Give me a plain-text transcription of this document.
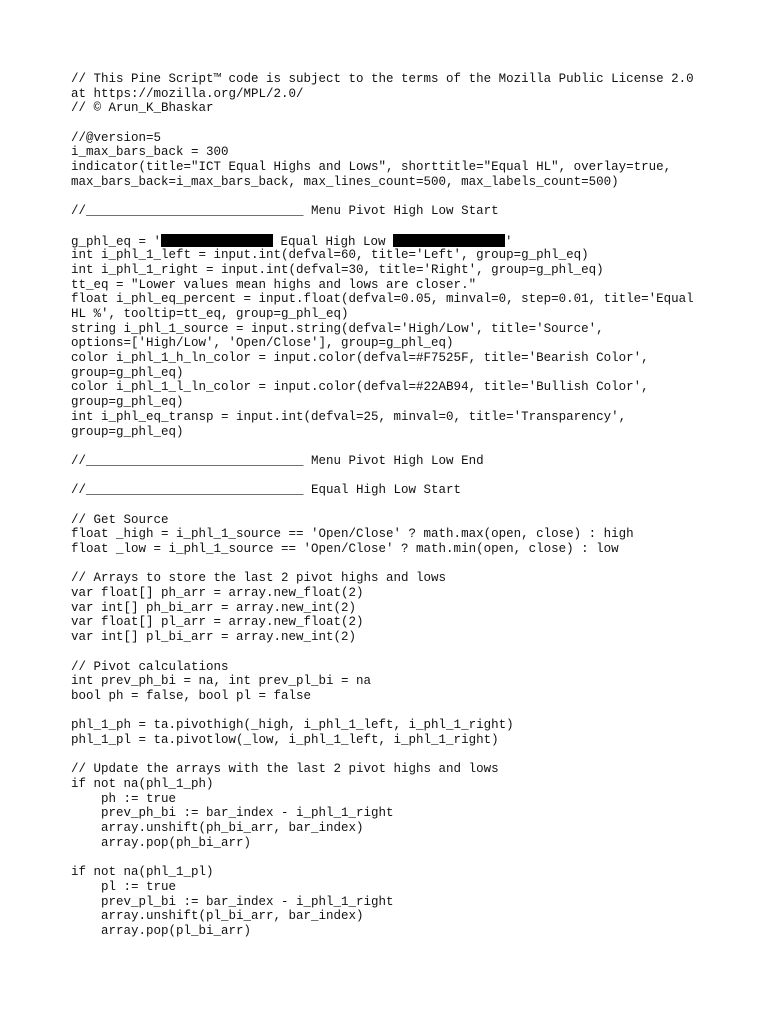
// This Pine Script™ code is subject to the terms of the Mozilla Public License 2.0
at https://mozilla.org/MPL/2.0/
// © Arun_K_Bhaskar
//@version=5
i_max_bars_back = 300
indicator(title="ICT Equal Highs and Lows", shorttitle="Equal HL", overlay=true,
max_bars_back=i_max_bars_back, max_lines_count=500, max_labels_count=500)
//_____________________________ Menu Pivot High Low Start
g_phl_eq = '	Equal High Low	'
int i_phl_1_left = input.int(defval=60, title='Left', group=g_phl_eq)
int i_phl_1_right = input.int(defval=30, title='Right', group=g_phl_eq)
tt_eq = "Lower values mean highs and lows are closer."
float i_phl_eq_percent = input.float(defval=0.05, minval=0, step=0.01, title='Equal
HL %', tooltip=tt_eq, group=g_phl_eq)
string i_phl_1_source = input.string(defval='High/Low', title='Source',
options=['High/Low', 'Open/Close'], group=g_phl_eq)
color i_phl_1_h_ln_color = input.color(defval=#F7525F, title='Bearish Color',
group=g_phl_eq)
color i_phl_1_l_ln_color = input.color(defval=#22AB94, title='Bullish Color',
group=g_phl_eq)
int i_phl_eq_transp = input.int(defval=25, minval=0, title='Transparency',
group=g_phl_eq)
//_____________________________ Menu Pivot High Low End
//_____________________________ Equal High Low Start
// Get Source
float _high = i_phl_1_source == 'Open/Close' ? math.max(open, close) : high
float _low = i_phl_1_source == 'Open/Close' ? math.min(open, close) : low
// Arrays to store the last 2 pivot highs and lows
var float[] ph_arr = array.new_float(2)
var int[] ph_bi_arr = array.new_int(2)
var float[] pl_arr = array.new_float(2)
var int[] pl_bi_arr = array.new_int(2)
// Pivot calculations
int prev_ph_bi = na, int prev_pl_bi = na
bool ph = false, bool pl = false
phl_1_ph = ta.pivothigh(_high, i_phl_1_left, i_phl_1_right)
phl_1_pl = ta.pivotlow(_low, i_phl_1_left, i_phl_1_right)
// Update the arrays with the last 2 pivot highs and lows
if not na(phl_1_ph)
ph := true
prev_ph_bi := bar_index - i_phl_1_right
array.unshift(ph_bi_arr, bar_index)
array.pop(ph_bi_arr)
if not na(phl_1_pl)
pl := true
prev_pl_bi := bar_index - i_phl_1_right
array.unshift(pl_bi_arr, bar_index)
array.pop(pl_bi_arr)
